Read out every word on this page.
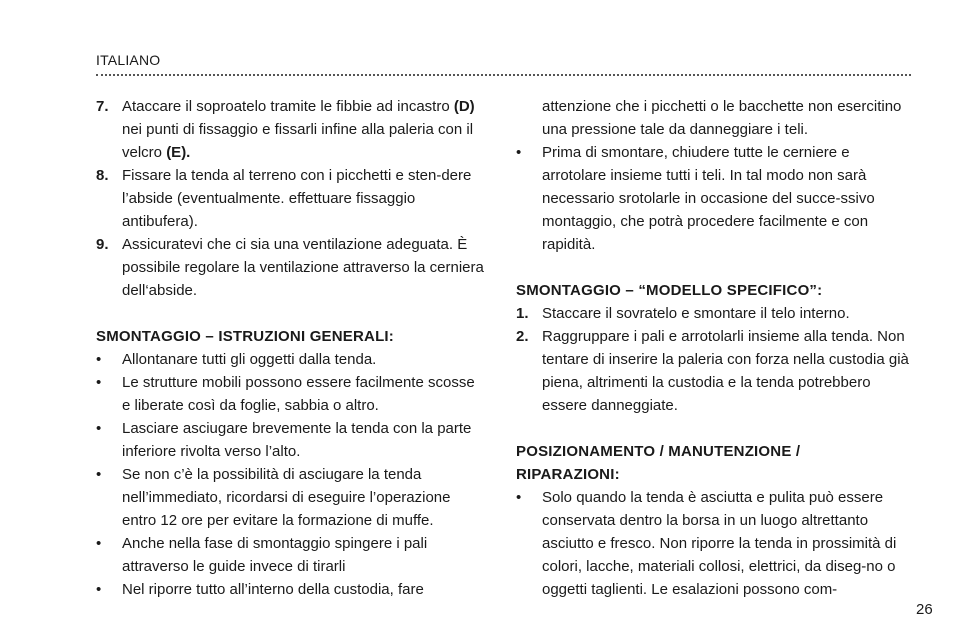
ITALIANO
7. Ataccare il soproatelo tramite le fibbie ad incastro (D) nei punti di fissaggio e fissarli infine alla paleria con il velcro (E).
8. Fissare la tenda al terreno con i picchetti e sten-dere l’abside (eventualmente. effettuare fissaggio antibufera).
9. Assicuratevi che ci sia una ventilazione adeguata. È possibile regolare la ventilazione attraverso la cerniera dell‘abside.
SMONTAGGIO – ISTRUZIONI GENERALI:
• Allontanare tutti gli oggetti dalla tenda.
• Le strutture mobili possono essere facilmente scosse e liberate così da foglie, sabbia o altro.
• Lasciare asciugare brevemente la tenda con la parte inferiore rivolta verso l’alto.
• Se non c’è la possibilità di asciugare la tenda nell’immediato, ricordarsi di eseguire l’operazione entro 12 ore per evitare la formazione di muffe.
• Anche nella fase di smontaggio spingere i pali attraverso le guide invece di tirarli
• Nel riporre tutto all’interno della custodia, fare
attenzione che i picchetti o le bacchette non esercitino una pressione tale da danneggiare i teli.
• Prima di smontare, chiudere tutte le cerniere e arrotolare insieme tutti i teli. In tal modo non sarà necessario srotolarle in occasione del succe-ssivo montaggio, che potrà procedere facilmente e con rapidità.
SMONTAGGIO – “MODELLO SPECIFICO”:
1. Staccare il sovratelo e smontare il telo interno.
2. Raggruppare i pali e arrotolarli insieme alla tenda. Non tentare di inserire la paleria con forza nella custodia già piena, altrimenti la custodia e la tenda potrebbero essere danneggiate.
POSIZIONAMENTO / MANUTENZIONE /
RIPARAZIONI:
• Solo quando la tenda è asciutta e pulita può essere conservata dentro la borsa in un luogo altrettanto asciutto e fresco. Non riporre la tenda in prossimità di colori, lacche, materiali collosi, elettrici, da diseg-no o oggetti taglienti. Le esalazioni possono com-
26
